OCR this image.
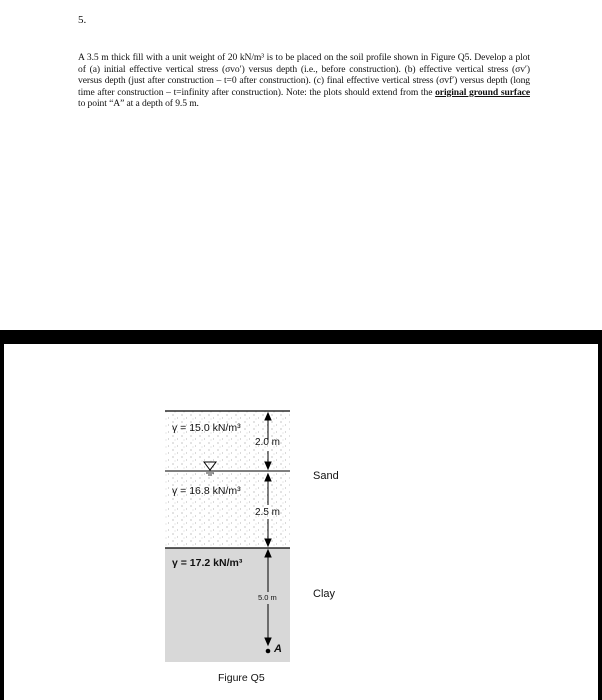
5.
A 3.5 m thick fill with a unit weight of 20 kN/m³ is to be placed on the soil profile shown in Figure Q5. Develop a plot of (a) initial effective vertical stress (σvo′) versus depth (i.e., before construction). (b) effective vertical stress (σv′) versus depth (just after construction – t=0 after construction). (c) final effective vertical stress (σvf′) versus depth (long time after construction – t=infinity after construction). Note: the plots should extend from the original ground surface to point “A” at a depth of 9.5 m.
γ = 15.0 kN/m³
2.0 m
γ = 16.8 kN/m³
2.5 m
γ = 17.2 kN/m³
5.0 m
A
Sand
Clay
Figure Q5
